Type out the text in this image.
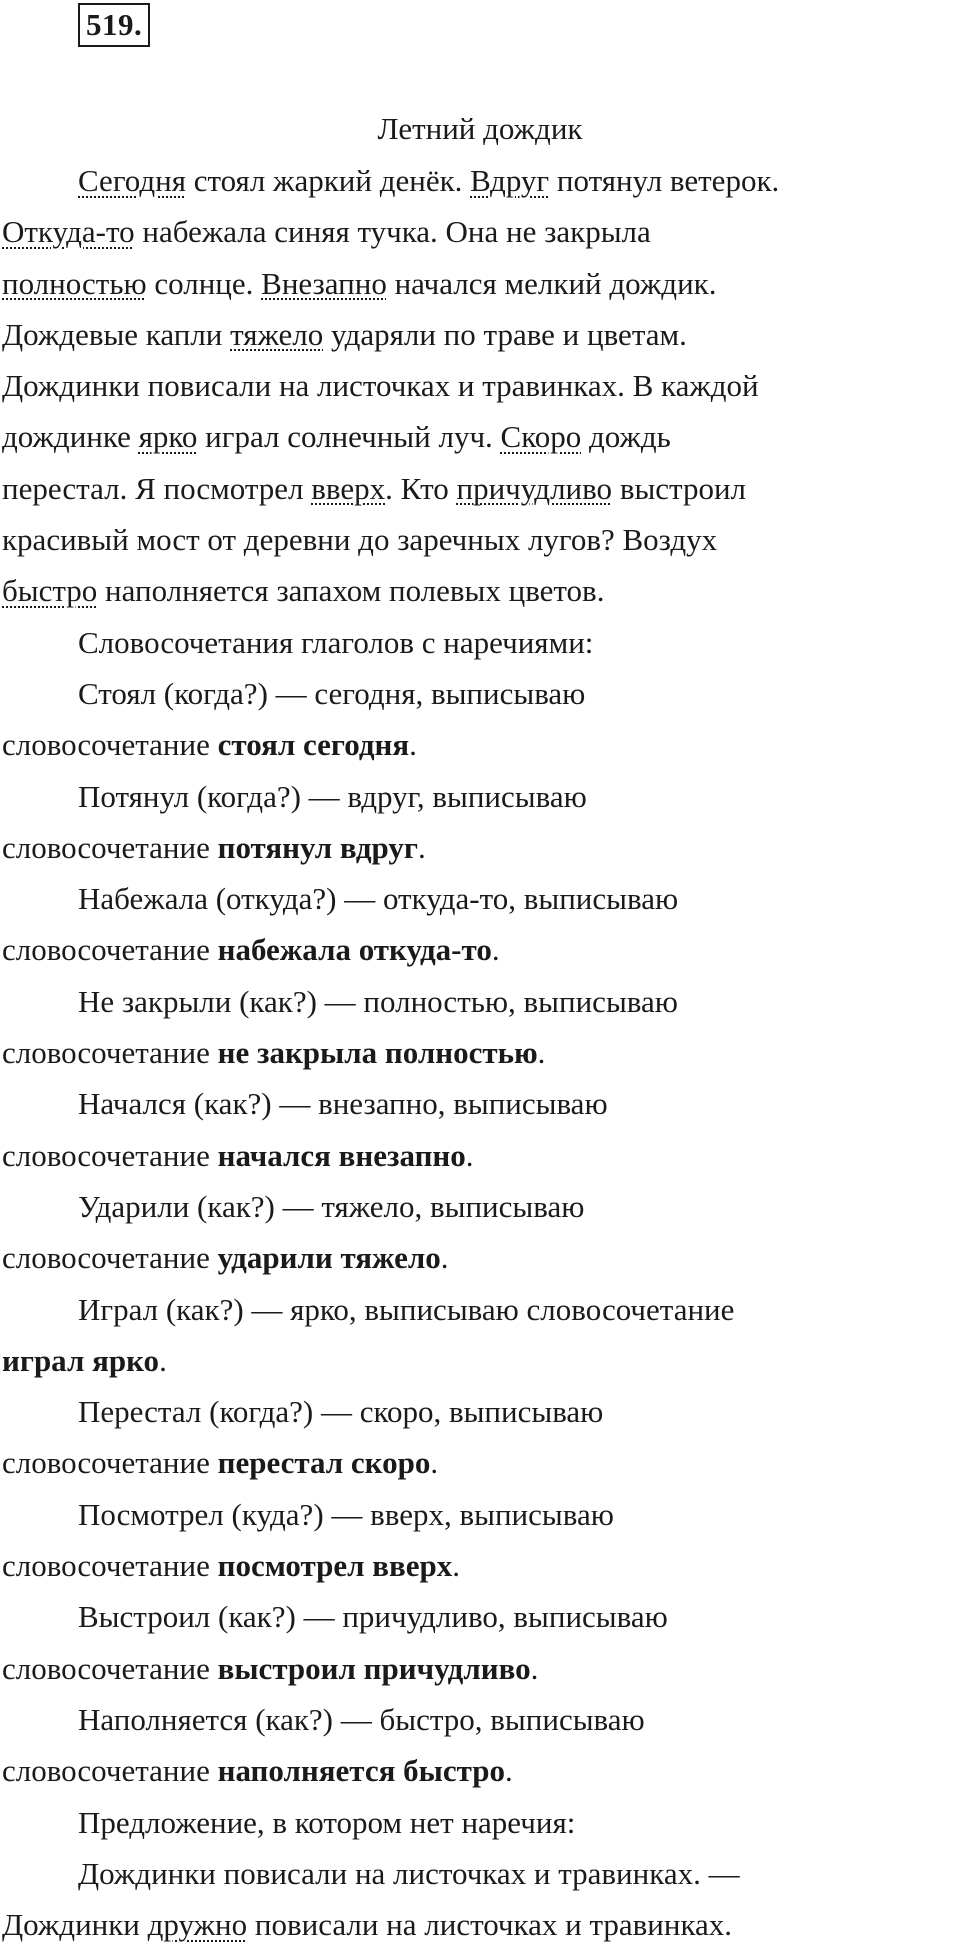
519.
Летний дождик
Сегодня стоял жаркий денёк. Вдруг потянул ветерок.
Откуда-то набежала синяя тучка. Она не закрыла
полностью солнце. Внезапно начался мелкий дождик.
Дождевые капли тяжело ударяли по траве и цветам.
Дождинки повисали на листочках и травинках. В каждой
дождинке ярко играл солнечный луч. Скоро дождь
перестал. Я посмотрел вверх. Кто причудливо выстроил
красивый мост от деревни до заречных лугов? Воздух
быстро наполняется запахом полевых цветов.
Словосочетания глаголов с наречиями:
Стоял (когда?) — сегодня, выписываю
словосочетание стоял сегодня.
Потянул (когда?) — вдруг, выписываю
словосочетание потянул вдруг.
Набежала (откуда?) — откуда-то, выписываю
словосочетание набежала откуда-то.
Не закрыли (как?) — полностью, выписываю
словосочетание не закрыла полностью.
Начался (как?) — внезапно, выписываю
словосочетание начался внезапно.
Ударили (как?) — тяжело, выписываю
словосочетание ударили тяжело.
Играл (как?) — ярко, выписываю словосочетание
играл ярко.
Перестал (когда?) — скоро, выписываю
словосочетание перестал скоро.
Посмотрел (куда?) — вверх, выписываю
словосочетание посмотрел вверх.
Выстроил (как?) — причудливо, выписываю
словосочетание выстроил причудливо.
Наполняется (как?) — быстро, выписываю
словосочетание наполняется быстро.
Предложение, в котором нет наречия:
Дождинки повисали на листочках и травинках. —
Дождинки дружно повисали на листочках и травинках.
